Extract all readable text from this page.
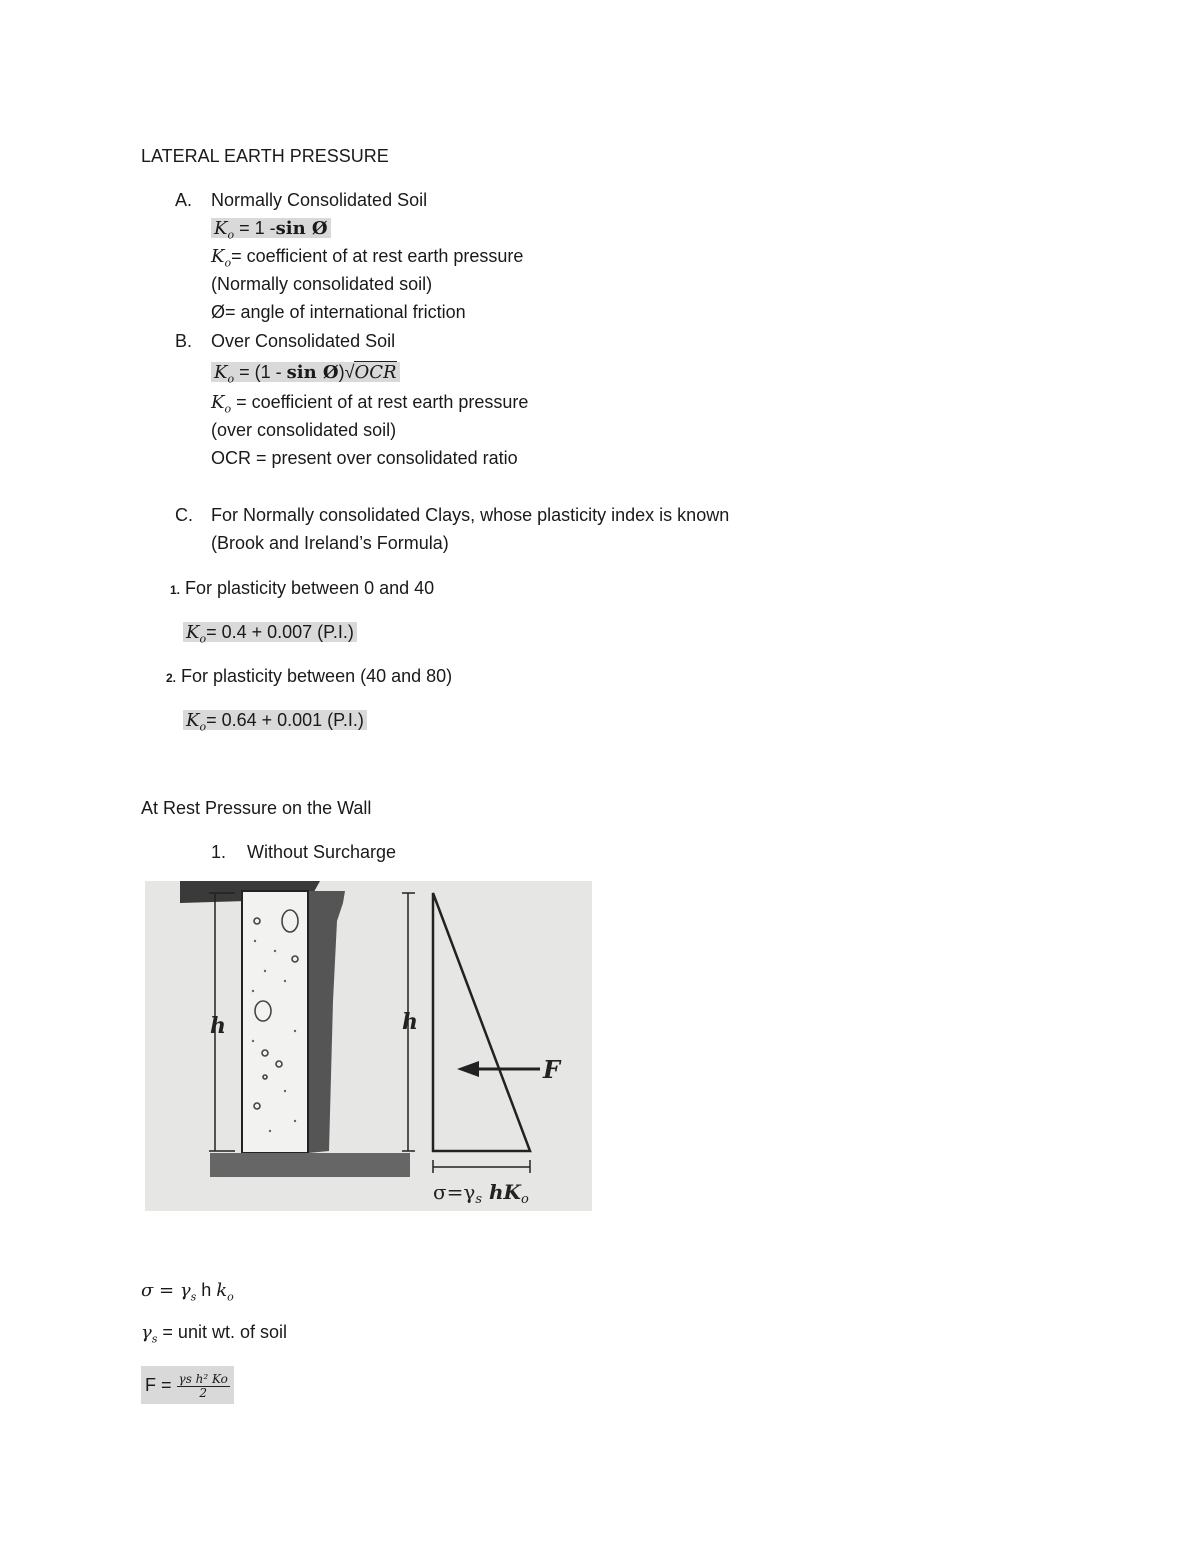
LATERAL EARTH PRESSURE
A. Normally Consolidated Soil
$K_o = 1$ -sin Ø
$K_o=$ coefficient of at rest earth pressure
(Normally consolidated soil)
Ø= angle of international friction
B. Over Consolidated Soil
$K_o = (1 - \sin$ Ø)√OCR
$K_o$ = coefficient of at rest earth pressure
(over consolidated soil)
OCR = present over consolidated ratio
C. For Normally consolidated Clays, whose plasticity index is known
(Brook and Ireland’s Formula)
1. For plasticity between 0 and 40
$K_o= 0.4 + 0.007$ (P.I.)
2. For plasticity between (40 and 80)
$K_o= 0.64 + 0.001$ (P.I.)
At Rest Pressure on the Wall
1. Without Surcharge
h	h
F
$\sigma=\gamma_s$ $hK_o$
$\sigma = \gamma_s$ h $k_o$
$\gamma_s$ = unit wt. of soil
$F = \frac{\text{γs h² Ko}}{2}$
